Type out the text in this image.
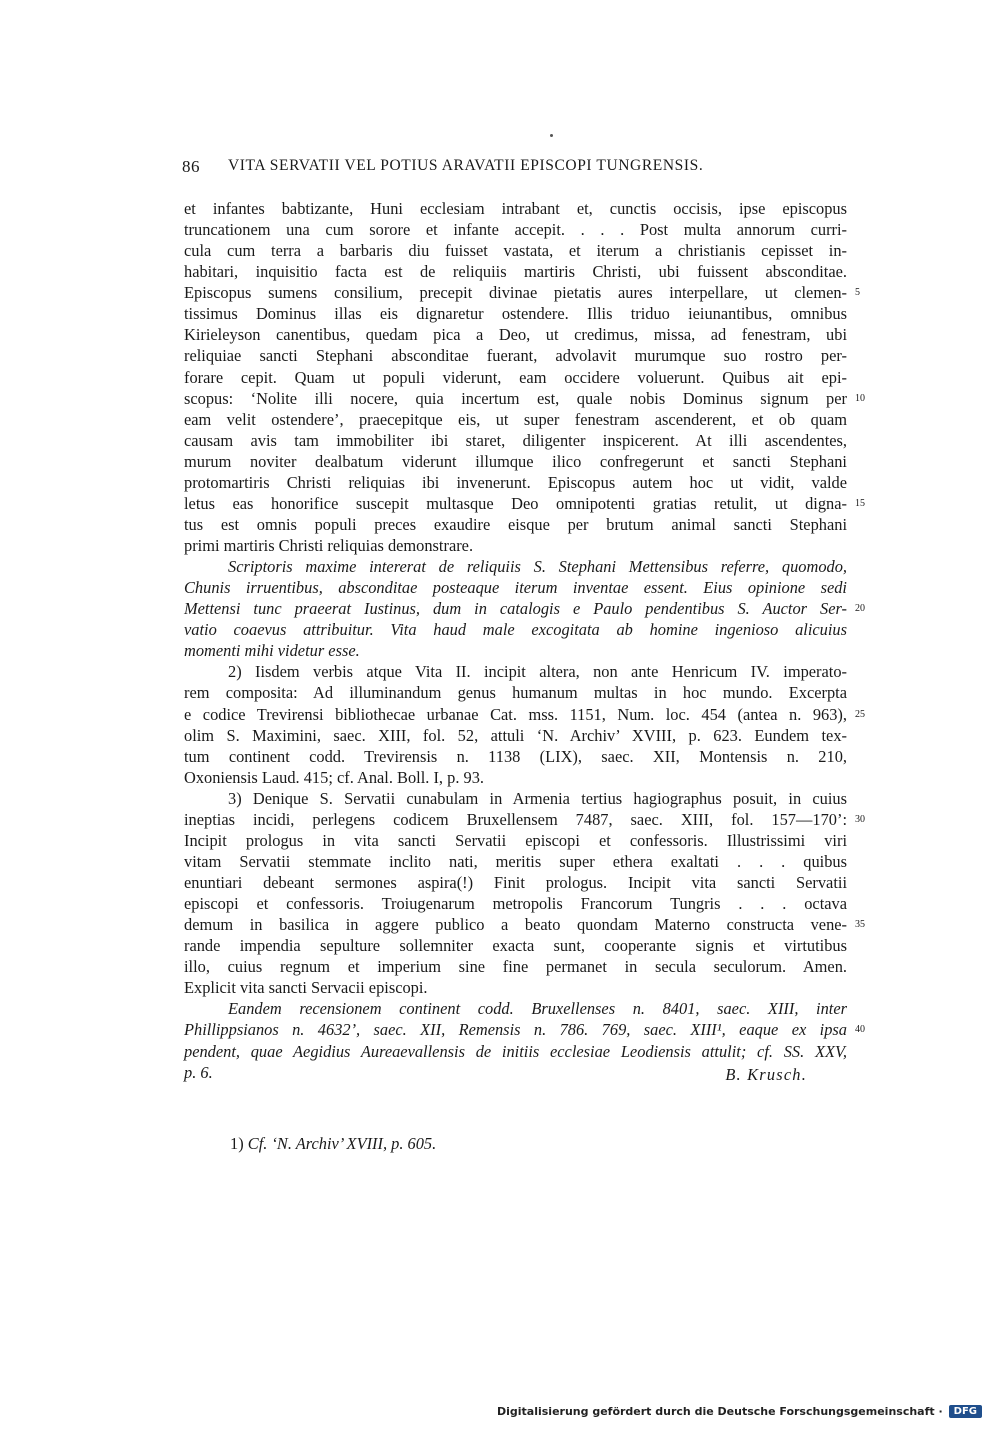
86 VITA SERVATII VEL POTIUS ARAVATII EPISCOPI TUNGRENSIS.
et infantes babtizante, Huni ecclesiam intrabant et, cunctis occisis, ipse episcopus
truncationem una cum sorore et infante accepit. . . . Post multa annorum curri-
cula cum terra a barbaris diu fuisset vastata, et iterum a christianis cepisset in-
habitari, inquisitio facta est de reliquiis martiris Christi, ubi fuissent absconditae.
Episcopus sumens consilium, precepit divinae pietatis aures interpellare, ut clemen- 5
tissimus Dominus illas eis dignaretur ostendere. Illis triduo ieiunantibus, omnibus
Kirieleyson canentibus, quedam pica a Deo, ut credimus, missa, ad fenestram, ubi
reliquiae sancti Stephani absconditae fuerant, advolavit murumque suo rostro per-
forare cepit. Quam ut populi viderunt, eam occidere voluerunt. Quibus ait epi-
scopus: ‘Nolite illi nocere, quia incertum est, quale nobis Dominus signum per 10
eam velit ostendere’, praecepitque eis, ut super fenestram ascenderent, et ob quam
causam avis tam immobiliter ibi staret, diligenter inspicerent. At illi ascendentes,
murum noviter dealbatum viderunt illumque ilico confregerunt et sancti Stephani
protomartiris Christi reliquias ibi invenerunt. Episcopus autem hoc ut vidit, valde
letus eas honorifice suscepit multasque Deo omnipotenti gratias retulit, ut digna- 15
tus est omnis populi preces exaudire eisque per brutum animal sancti Stephani
primi martiris Christi reliquias demonstrare.
Scriptoris maxime intererat de reliquiis S. Stephani Mettensibus referre, quomodo,
Chunis irruentibus, absconditae posteaque iterum inventae essent. Eius opinione sedi
Mettensi tunc praeerat Iustinus, dum in catalogis e Paulo pendentibus S. Auctor Ser- 20
vatio coaevus attribuitur. Vita haud male excogitata ab homine ingenioso alicuius
momenti mihi videtur esse.
2) Iisdem verbis atque Vita II. incipit altera, non ante Henricum IV. imperato-
rem composita: Ad illuminandum genus humanum multas in hoc mundo. Excerpta
e codice Trevirensi bibliothecae urbanae Cat. mss. 1151, Num. loc. 454 (antea n. 963), 25
olim S. Maximini, saec. XIII, fol. 52, attuli ‘N. Archiv’ XVIII, p. 623. Eundem tex-
tum continent codd. Trevirensis n. 1138 (LIX), saec. XII, Montensis n. 210,
Oxoniensis Laud. 415; cf. Anal. Boll. I, p. 93.
3) Denique S. Servatii cunabulam in Armenia tertius hagiographus posuit, in cuius
ineptias incidi, perlegens codicem Bruxellensem 7487, saec. XIII, fol. 157—170’: 30
Incipit prologus in vita sancti Servatii episcopi et confessoris. Illustrissimi viri
vitam Servatii stemmate inclito nati, meritis super ethera exaltati . . . quibus
enuntiari debeant sermones aspira(!) Finit prologus. Incipit vita sancti Servatii
episcopi et confessoris. Troiugenarum metropolis Francorum Tungris . . . octava
demum in basilica in aggere publico a beato quondam Materno constructa vene- 35
rande impendia sepulture sollemniter exacta sunt, cooperante signis et virtutibus
illo, cuius regnum et imperium sine fine permanet in secula seculorum. Amen.
Explicit vita sancti Servacii episcopi.
Eandem recensionem continent codd. Bruxellenses n. 8401, saec. XIII, inter
Phillippsianos n. 4632’, saec. XII, Remensis n. 786. 769, saec. XIII¹, eaque ex ipsa 40
pendent, quae Aegidius Aureaevallensis de initiis ecclesiae Leodiensis attulit; cf. SS. XXV,
p. 6.	B. Krusch.
1) Cf. ‘N. Archiv’ XVIII, p. 605.
Digitalisierung gefördert durch die Deutsche Forschungsgemeinschaft ·	DFG
